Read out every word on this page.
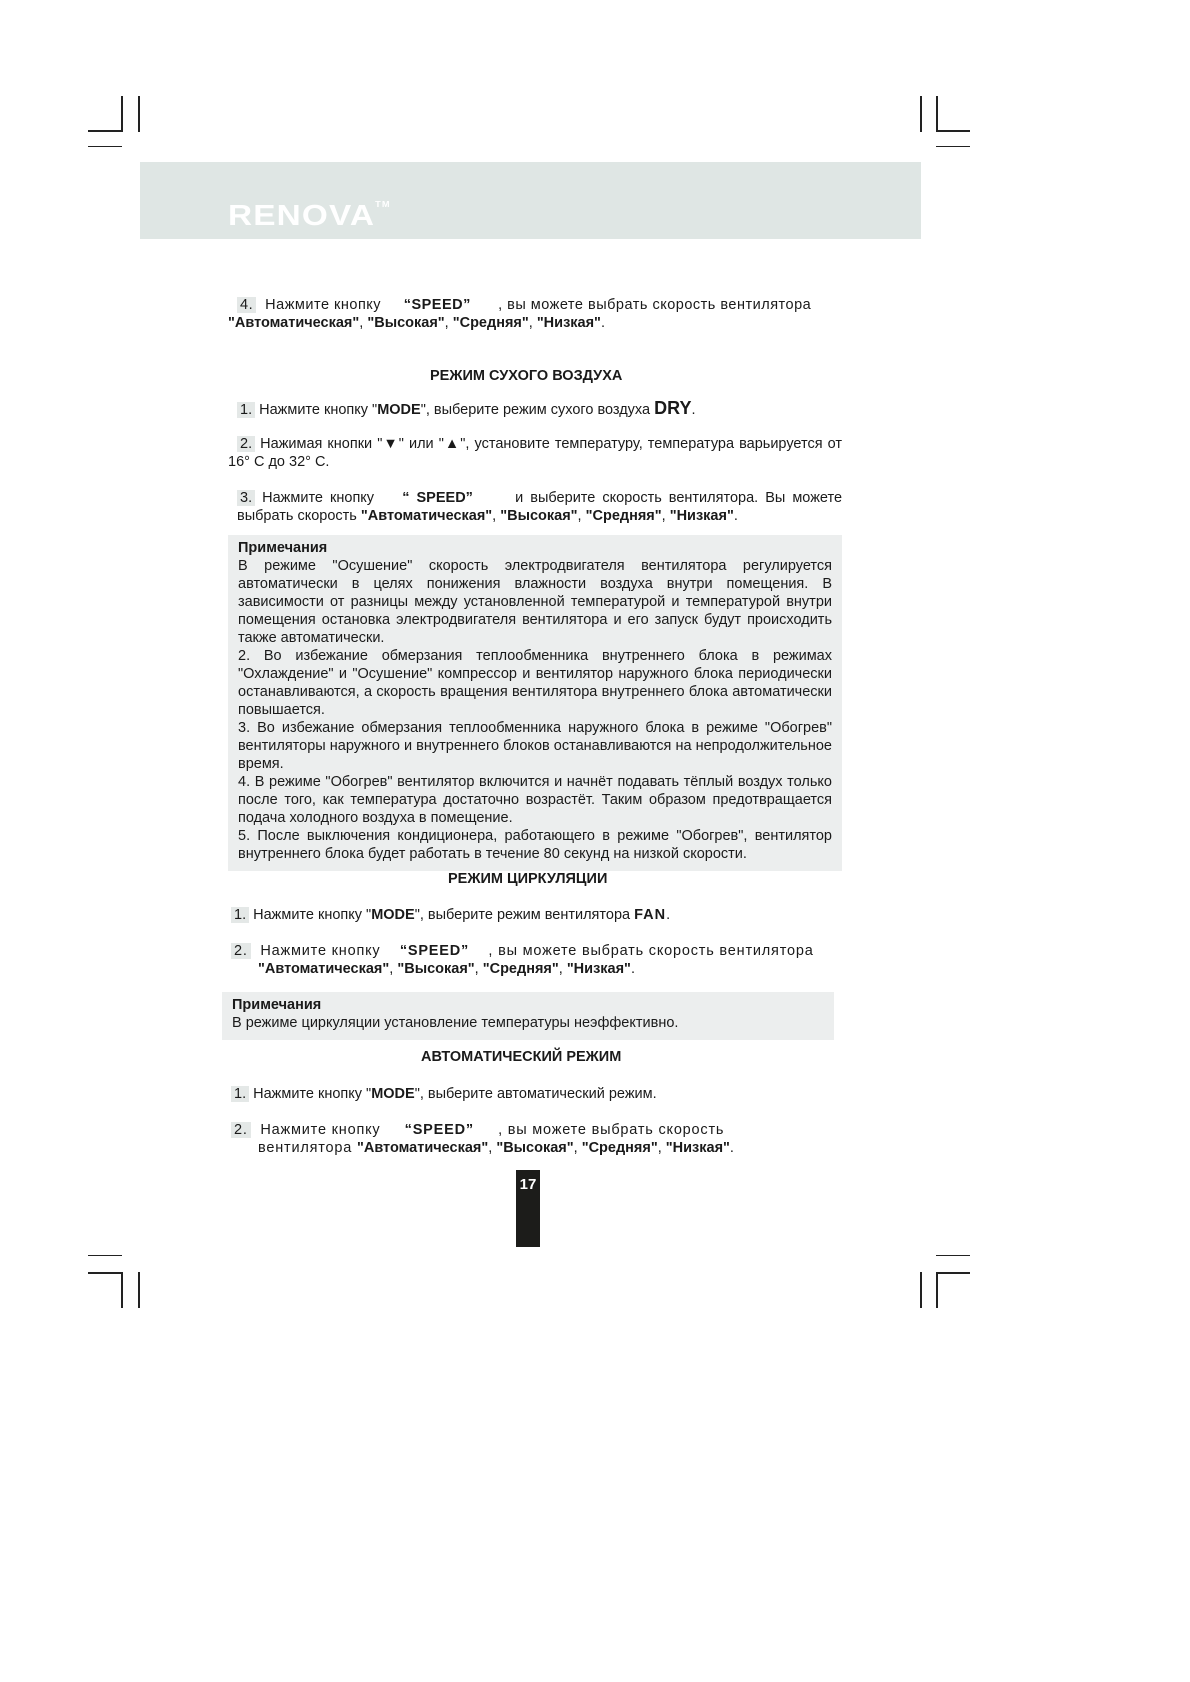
RENOVA™
4. Нажмите кнопку “SPEED” , вы можете выбрать скорость вентилятора
"Автоматическая", "Высокая", "Средняя", "Низкая".
РЕЖИМ СУХОГО ВОЗДУХА
1. Нажмите кнопку "MODE", выберите режим сухого воздуха DRY.
2. Нажимая кнопки "▼" или "▲", установите температуру, температура варьируется от 16° С до 32° С.
3. Нажмите кнопку “ SPEED”	и выберите скорость вентилятора. Вы можете выбрать скорость "Автоматическая", "Высокая", "Средняя", "Низкая".
Примечания
В режиме "Осушение" скорость электродвигателя вентилятора регулируется автоматически в целях понижения влажности воздуха внутри помещения. В зависимости от разницы между установленной температурой и температурой внутри помещения остановка электродвигателя вентилятора и его запуск будут происходить также автоматически.
2. Во избежание обмерзания теплообменника внутреннего блока в режимах "Охлаждение" и "Осушение" компрессор и вентилятор наружного блока периодически останавливаются, а скорость вращения вентилятора внутреннего блока автоматически повышается.
3. Во избежание обмерзания теплообменника наружного блока в режиме "Обогрев" вентиляторы наружного и внутреннего блоков останавливаются на непродолжительное время.
4. В режиме "Обогрев" вентилятор включится и начнёт подавать тёплый воздух только после того, как температура достаточно возрастёт. Таким образом предотвращается подача холодного воздуха в помещение.
5. После выключения кондиционера, работающего в режиме "Обогрев", вентилятор внутреннего блока будет работать в течение 80 секунд на низкой скорости.
РЕЖИМ ЦИРКУЛЯЦИИ
1. Нажмите кнопку "MODE", выберите режим вентилятора FAN.
2. Нажмите кнопку “SPEED” , вы можете выбрать скорость вентилятора "Автоматическая", "Высокая", "Средняя", "Низкая".
Примечания
В режиме циркуляции установление температуры неэффективно.
АВТОМАТИЧЕСКИЙ РЕЖИМ
1. Нажмите кнопку "MODE", выберите автоматический режим.
2. Нажмите кнопку “SPEED” , вы можете выбрать скорость вентилятора "Автоматическая", "Высокая", "Средняя", "Низкая".
17
